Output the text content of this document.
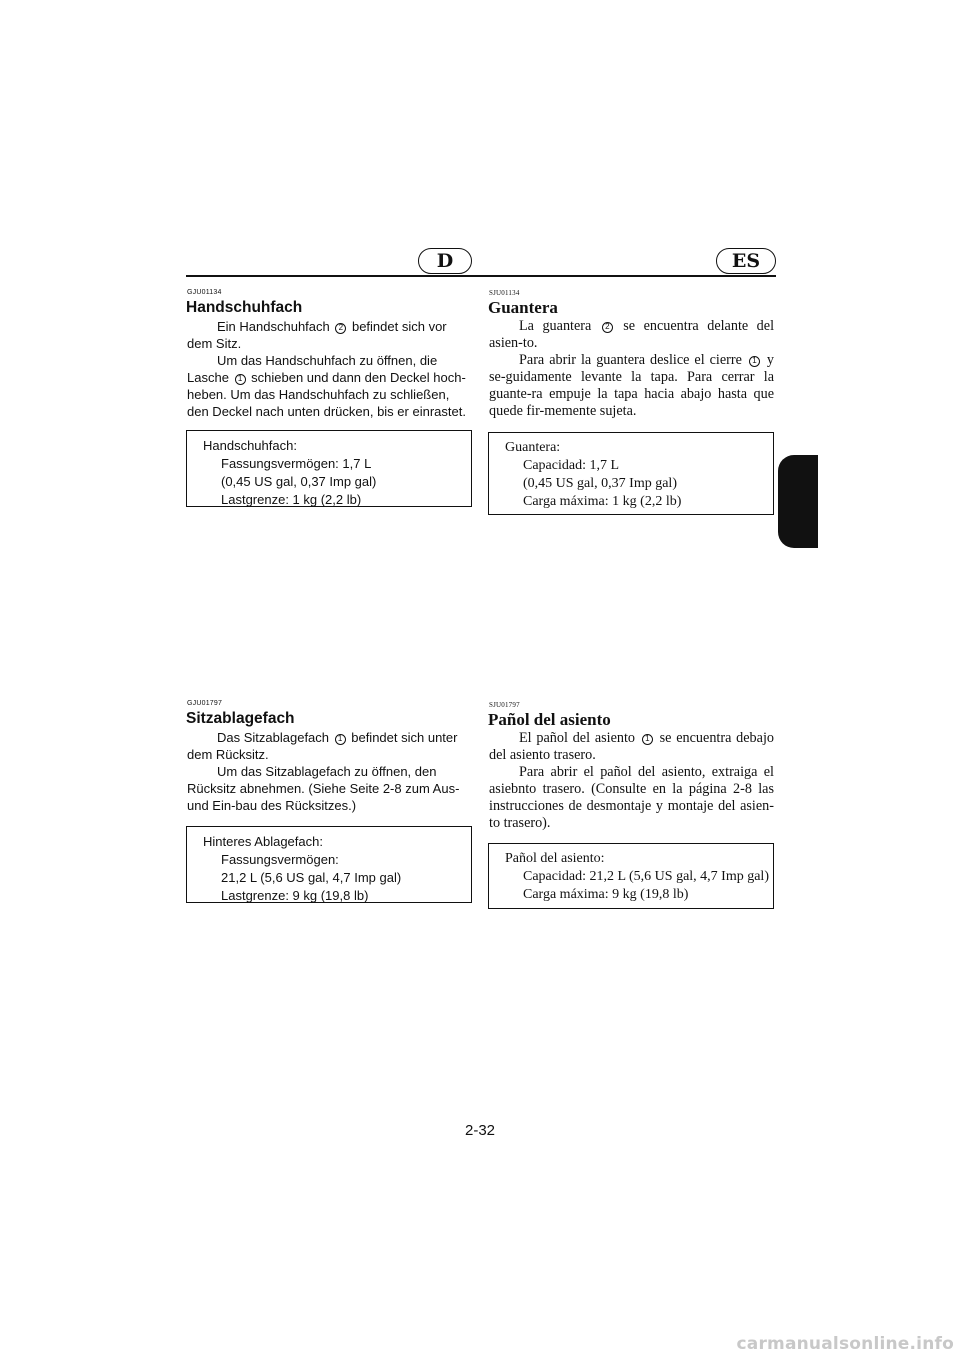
D	ES
GJU01134
Handschuhfach

Ein Handschuhfach 2 befindet sich vor dem Sitz.

Um das Handschuhfach zu öffnen, die Lasche 1 schieben und dann den Deckel hoch-heben. Um das Handschuhfach zu schließen, den Deckel nach unten drücken, bis er einrastet.

Handschuhfach:
Fassungsvermögen: 1,7 L
(0,45 US gal, 0,37 Imp gal)
Lastgrenze: 1 kg (2,2 lb)
GJU01797
Sitzablagefach

Das Sitzablagefach 1 befindet sich unter dem Rücksitz.

Um das Sitzablagefach zu öffnen, den Rücksitz abnehmen. (Siehe Seite 2-8 zum Aus- und Ein-bau des Rücksitzes.)

Hinteres Ablagefach:
Fassungsvermögen:
21,2 L (5,6 US gal, 4,7 Imp gal)
Lastgrenze: 9 kg (19,8 lb)
SJU01134
Guantera

La guantera 2 se encuentra delante del asien-to.

Para abrir la guantera deslice el cierre 1 y se-guidamente levante la tapa. Para cerrar la guante-ra empuje la tapa hacia abajo hasta que quede fir-memente sujeta.

Guantera:
Capacidad: 1,7 L
(0,45 US gal, 0,37 Imp gal)
Carga máxima: 1 kg (2,2 lb)
SJU01797
Pañol del asiento

El pañol del asiento 1 se encuentra debajo del asiento trasero.

Para abrir el pañol del asiento, extraiga el asiebnto trasero. (Consulte en la página 2-8 las instrucciones de desmontaje y montaje del asien-to trasero).

Pañol del asiento:
Capacidad: 21,2 L (5,6 US gal, 4,7 Imp gal)
Carga máxima: 9 kg (19,8 lb)
2-32
carmanualsonline.info
